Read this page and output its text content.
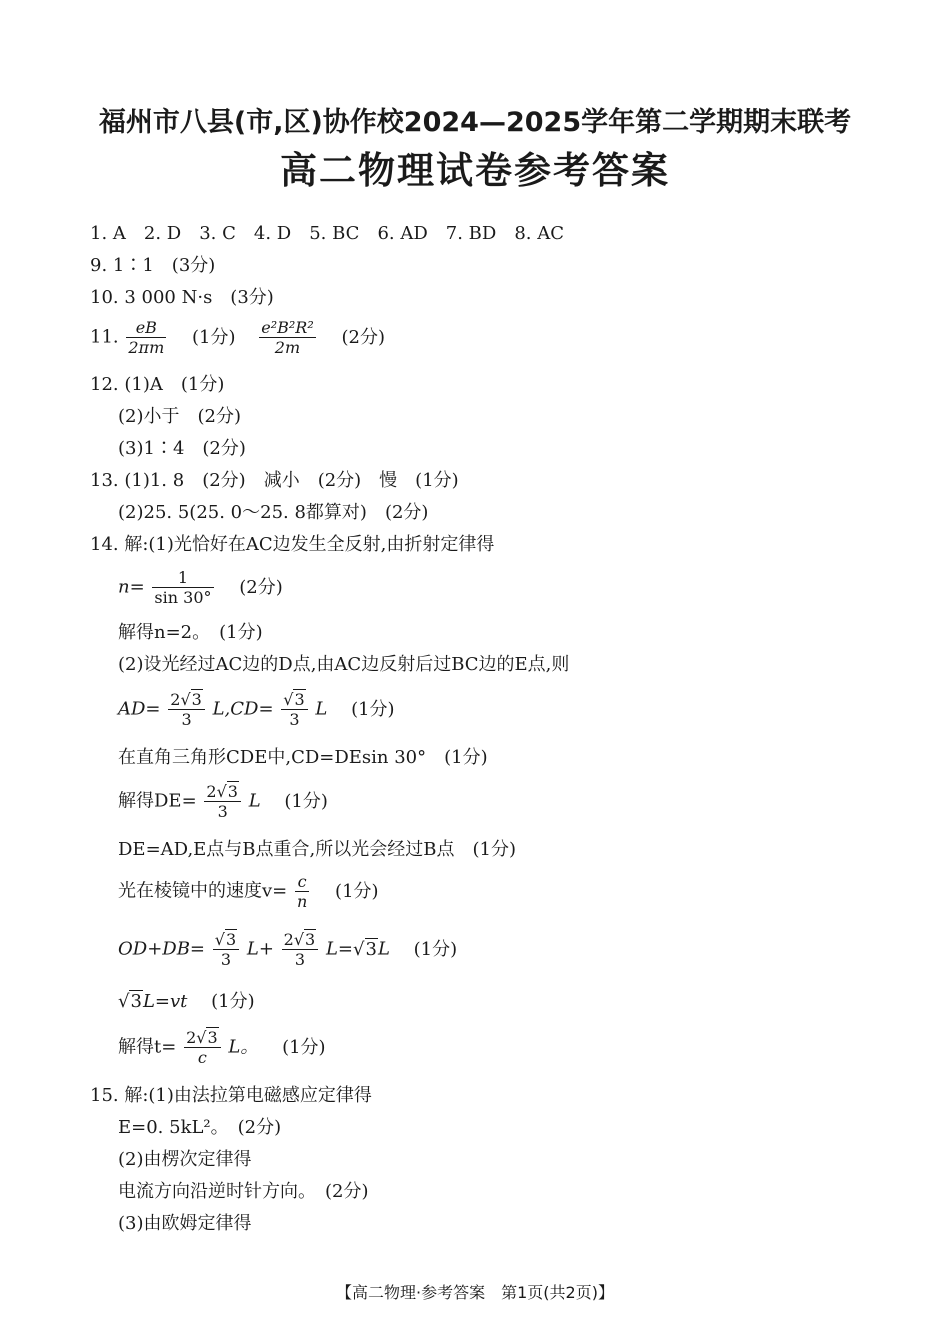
福州市八县(市,区)协作校2024—2025学年第二学期期末联考
高二物理试卷参考答案
1. A　2. D　3. C　4. D　5. BC　6. AD　7. BD　8. AC
9. 1∶1　(3分)
10. 3 000 N·s　(3分)
11. $\frac{eB}{2\pi m} (1$分) $\frac{\text{e²B²R²}}{2m} (2$分)
12. (1)A　(1分)
(2)小于　(2分)
(3)1∶4　(2分)
13. (1)1. 8　(2分)　减小　(2分)　慢　(1分)
(2)25. 5(25. 0～25. 8都算对)　(2分)
14. 解:(1)光恰好在AC边发生全反射,由折射定律得
$n= \frac{1}{\sin 30^\circ} (2$分)
解得n=2。　(1分)
(2)设光经过AC边的D点,由AC边反射后过BC边的E点,则
$AD= \frac{2√3}{3} L,CD= \frac{√3}{3}$ L (1分)
在直角三角形CDE中,CD=DEsin 30°　(1分)
解得$DE= \frac{2√3}{3}$ L (1分)
DE=AD,E点与B点重合,所以光会经过B点　(1分)
光在棱镜中的速度$v= \frac{c}{n} (1$分)
$OD+DB= \frac{√3}{3} L+ \frac{2√3}{3} L=√3L$ (1分)
√3L=vt (1分)
解得$t= \frac{2√3}{c}$ L。 (1分)
15. 解:(1)由法拉第电磁感应定律得
E=0. 5kL²。　(2分)
(2)由楞次定律得
电流方向沿逆时针方向。　(2分)
(3)由欧姆定律得
【高二物理·参考答案　第1页(共2页)】
